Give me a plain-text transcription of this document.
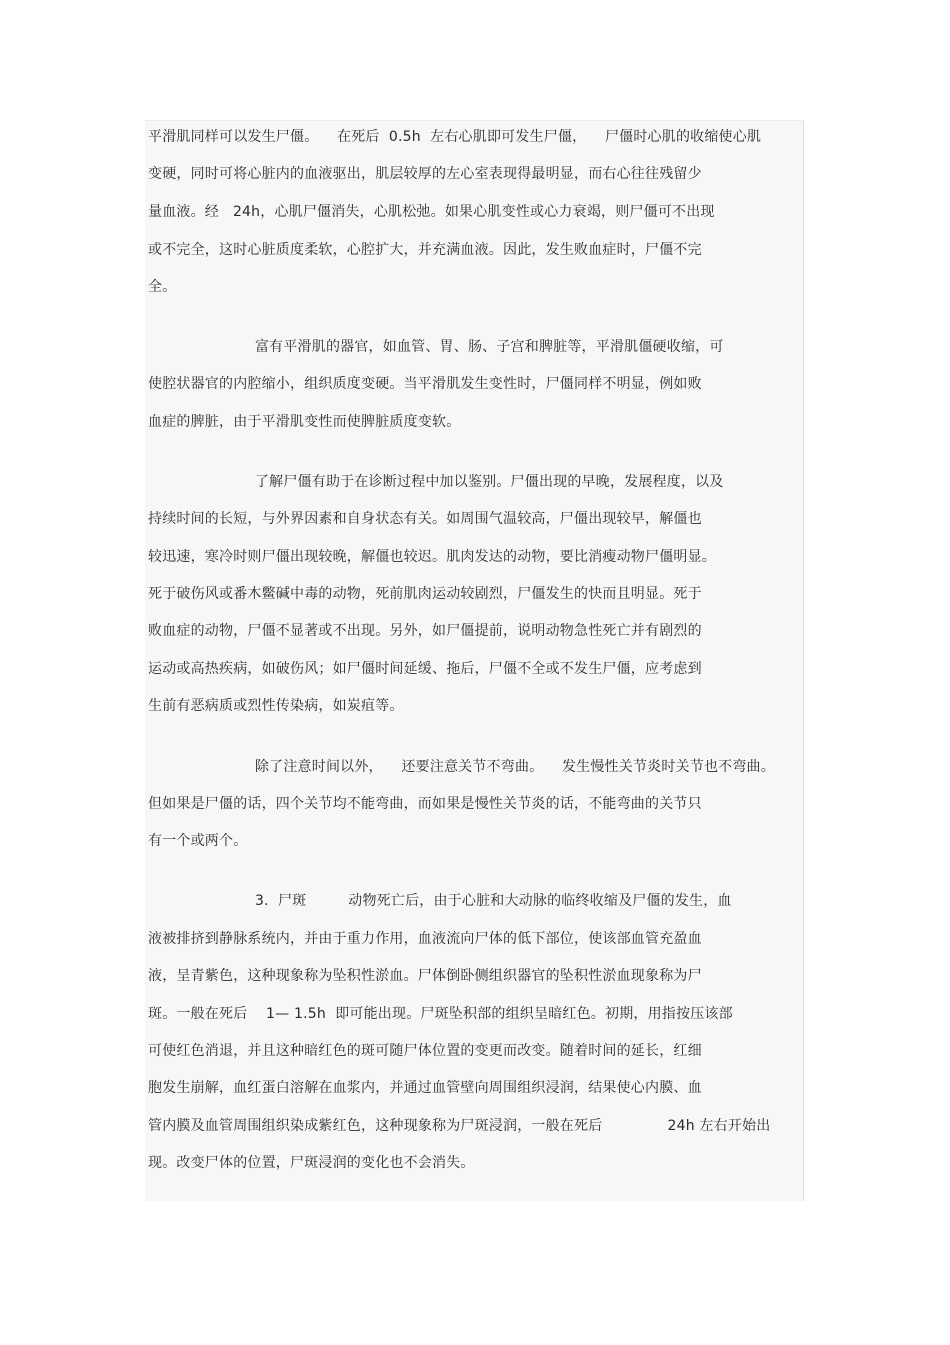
平滑肌同样可以发生尸僵。    在死后  0.5h  左右心肌即可发生尸僵，    尸僵时心肌的收缩使心肌
变硬，同时可将心脏内的血液驱出，肌层较厚的左心室表现得最明显，而右心往往残留少
量血液。经   24h，心肌尸僵消失，心肌松弛。如果心肌变性或心力衰竭，则尸僵可不出现
或不完全，这时心脏质度柔软，心腔扩大，并充满血液。因此，发生败血症时，尸僵不完
全。
富有平滑肌的器官，如血管、胃、肠、子宫和脾脏等，平滑肌僵硬收缩，可
使腔状器官的内腔缩小，组织质度变硬。当平滑肌发生变性时，尸僵同样不明显，例如败
血症的脾脏，由于平滑肌变性而使脾脏质度变软。
了解尸僵有助于在诊断过程中加以鉴别。尸僵出现的早晚，发展程度，以及
持续时间的长短，与外界因素和自身状态有关。如周围气温较高，尸僵出现较早，解僵也
较迅速，寒冷时则尸僵出现较晚，解僵也较迟。肌肉发达的动物，要比消瘦动物尸僵明显。
死于破伤风或番木鳖碱中毒的动物，死前肌肉运动较剧烈，尸僵发生的快而且明显。死于
败血症的动物，尸僵不显著或不出现。另外，如尸僵提前，说明动物急性死亡并有剧烈的
运动或高热疾病，如破伤风；如尸僵时间延缓、拖后，尸僵不全或不发生尸僵，应考虑到
生前有恶病质或烈性传染病，如炭疽等。
除了注意时间以外，    还要注意关节不弯曲。    发生慢性关节炎时关节也不弯曲。
但如果是尸僵的话，四个关节均不能弯曲，而如果是慢性关节炎的话，不能弯曲的关节只
有一个或两个。
3.  尸斑         动物死亡后，由于心脏和大动脉的临终收缩及尸僵的发生，血
液被排挤到静脉系统内，并由于重力作用，血液流向尸体的低下部位，使该部血管充盈血
液，呈青紫色，这种现象称为坠积性淤血。尸体倒卧侧组织器官的坠积性淤血现象称为尸
斑。一般在死后    1— 1.5h  即可能出现。尸斑坠积部的组织呈暗红色。初期，用指按压该部
可使红色消退，并且这种暗红色的斑可随尸体位置的变更而改变。随着时间的延长，红细
胞发生崩解，血红蛋白溶解在血浆内，并通过血管壁向周围组织浸润，结果使心内膜、血
管内膜及血管周围组织染成紫红色，这种现象称为尸斑浸润，一般在死后              24h 左右开始出
现。改变尸体的位置，尸斑浸润的变化也不会消失。
